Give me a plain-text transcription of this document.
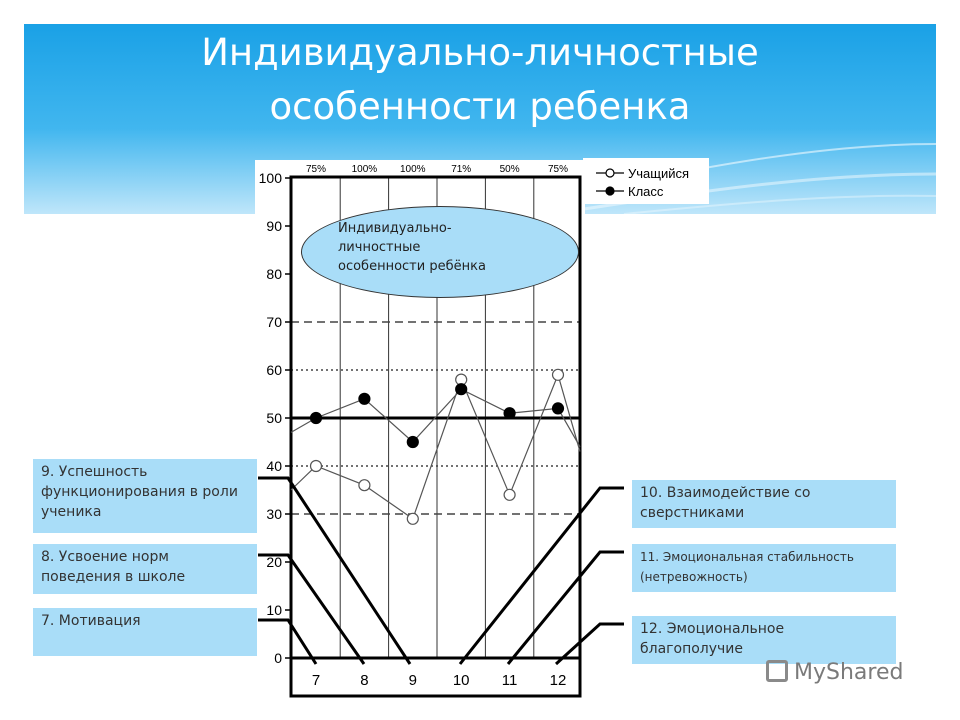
Индивидуально-личностные
особенности ребенка
100
90
80
70
60
50
40
30
20
10
0
75%	100% 100%	71%	50%	75%
7	8	9 10 11 12
Учащийся
Класс
Индивидуально-
личностные
особенности ребёнка
9. Успешность функционирования в роли ученика
8. Усвоение норм поведения в школе
7. Мотивация
10. Взаимодействие со сверстниками
11. Эмоциональная стабильность (нетревожность)
12. Эмоциональное благополучие
MyShared
